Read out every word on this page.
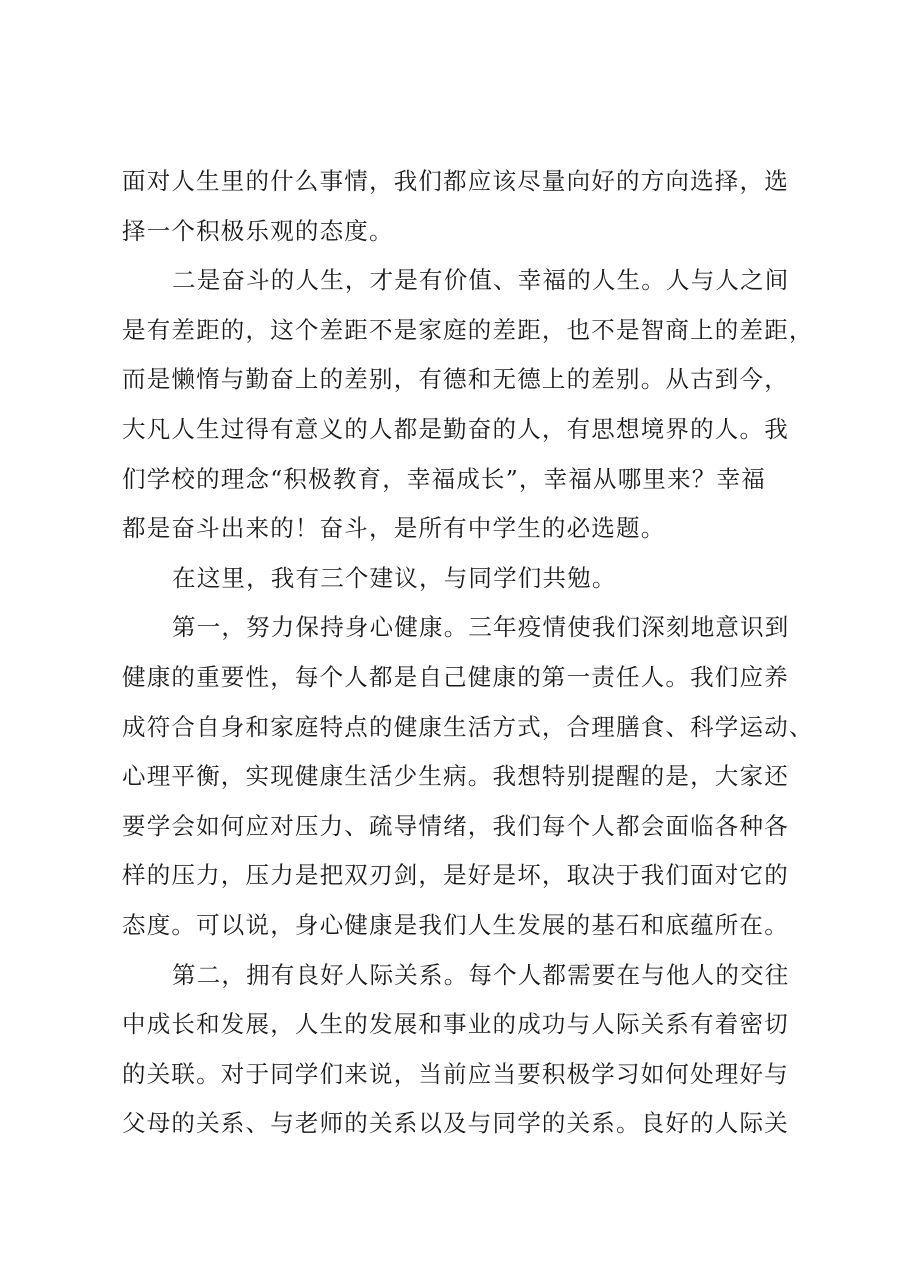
面对人生里的什么事情，我们都应该尽量向好的方向选择，选
择一个积极乐观的态度。
二是奋斗的人生，才是有价值、幸福的人生。人与人之间
是有差距的，这个差距不是家庭的差距，也不是智商上的差距，
而是懒惰与勤奋上的差别，有德和无德上的差别。从古到今，
大凡人生过得有意义的人都是勤奋的人，有思想境界的人。我
们学校的理念“积极教育，幸福成长”，幸福从哪里来？幸福
都是奋斗出来的！奋斗，是所有中学生的必选题。
在这里，我有三个建议，与同学们共勉。
第一，努力保持身心健康。三年疫情使我们深刻地意识到
健康的重要性，每个人都是自己健康的第一责任人。我们应养
成符合自身和家庭特点的健康生活方式，合理膳食、科学运动、
心理平衡，实现健康生活少生病。我想特别提醒的是，大家还
要学会如何应对压力、疏导情绪，我们每个人都会面临各种各
样的压力，压力是把双刃剑，是好是坏，取决于我们面对它的
态度。可以说，身心健康是我们人生发展的基石和底蕴所在。
第二，拥有良好人际关系。每个人都需要在与他人的交往
中成长和发展，人生的发展和事业的成功与人际关系有着密切
的关联。对于同学们来说，当前应当要积极学习如何处理好与
父母的关系、与老师的关系以及与同学的关系。良好的人际关
